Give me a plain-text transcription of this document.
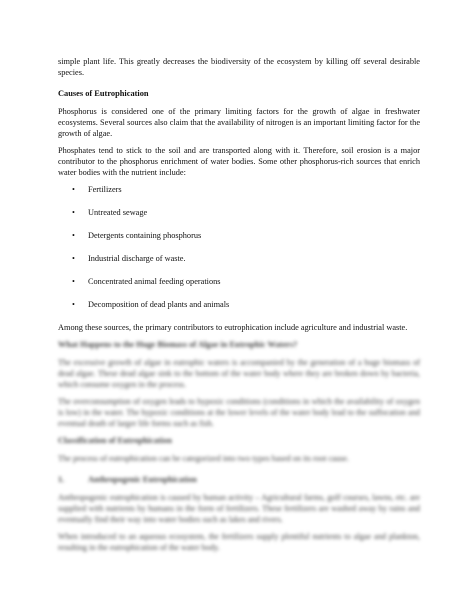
simple plant life. This greatly decreases the biodiversity of the ecosystem by killing off several desirable species.

Causes of Eutrophication

Phosphorus is considered one of the primary limiting factors for the growth of algae in freshwater ecosystems. Several sources also claim that the availability of nitrogen is an important limiting factor for the growth of algae.

Phosphates tend to stick to the soil and are transported along with it. Therefore, soil erosion is a major contributor to the phosphorus enrichment of water bodies. Some other phosphorus-rich sources that enrich water bodies with the nutrient include:

• Fertilizers
• Untreated sewage
• Detergents containing phosphorus
• Industrial discharge of waste.
• Concentrated animal feeding operations
• Decomposition of dead plants and animals

Among these sources, the primary contributors to eutrophication include agriculture and industrial waste.

What Happens to the Huge Biomass of Algae in Eutrophic Waters?

The excessive growth of algae in eutrophic waters is accompanied by the generation of a huge biomass of dead algae. These dead algae sink to the bottom of the water body where they are broken down by bacteria, which consume oxygen in the process.

The overconsumption of oxygen leads to hypoxic conditions (conditions in which the availability of oxygen is low) in the water. The hypoxic conditions at the lower levels of the water body lead to the suffocation and eventual death of larger life forms such as fish.

Classification of Eutrophication

The process of eutrophication can be categorized into two types based on its root cause.

1.	Anthropogenic Eutrophication

Anthropogenic eutrophication is caused by human activity – Agricultural farms, golf courses, lawns, etc. are supplied with nutrients by humans in the form of fertilizers. These fertilizers are washed away by rains and eventually find their way into water bodies such as lakes and rivers.

When introduced to an aqueous ecosystem, the fertilizers supply plentiful nutrients to algae and plankton, resulting in the eutrophication of the water body.
